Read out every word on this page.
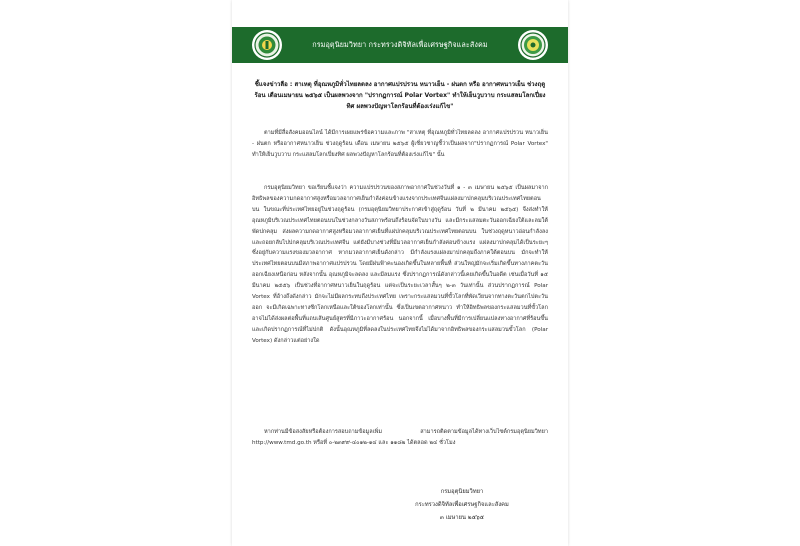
กรมอุตุนิยมวิทยา กระทรวงดิจิทัลเพื่อเศรษฐกิจและสังคม
ชี้แจงข่าวลือ : สาเหตุ ที่อุณหภูมิทั่วไทยลดลง อากาศแปรปรวน หนาวเย็น - ฝนตก หรือ อากาศหนาวเย็น ช่วงฤดูร้อน เดือนเมษายน ๒๕๖๕ เป็นผลพวงจาก "ปรากฏการณ์ Polar Vortex" ทำให้เย็นวูบวาบ กระแสลมโลกเปี่ยงทิศ ผลพวงปัญหาโลกร้อนที่ต้องเร่งแก้ไข"
ตามที่มีสื่อสังคมออนไลน์ ได้มีการเผยแพร่ข้อความและภาพ "สาเหตุ ที่อุณหภูมิทั่วไทยลดลง อากาศแปรปรวน หนาวเย็น - ฝนตก หรืออากาศหนาวเย็น ช่วงฤดูร้อน เดือน เมษายน ๒๕๖๕ ผู้เชี่ยวชาญชี้ว่าเป็นผลจาก"ปรากฏการณ์ Polar Vortex" ทำให้เย็นวูบวาบ กระแสลมโลกเปี่ยงทิศ ผลพวงปัญหาโลกร้อนที่ต้องเร่งแก้ไข" นั้น
กรมอุตุนิยมวิทยา ขอเรียนชี้แจงว่า ความแปรปรวนของสภาพอากาศในช่วงวันที่ ๑ - ๓ เมษายน ๒๕๖๕ เป็นผลมาจากอิทธิพลของความกดอากาศสูงหรือมวลอากาศเย็นกำลังค่อนข้างแรงจากประเทศจีนแผ่ลงมาปกคลุมบริเวณประเทศไทยตอนบน ในขณะที่ประเทศไทยอยู่ในช่วงฤดูร้อน (กรมอุตุนิยมวิทยาประกาศเข้าสู่ฤดูร้อน วันที่ ๒ มีนาคม ๒๕๖๕) จึงส่งทำให้ อุณหภูมิบริเวณประเทศไทยตอนบนในช่วงกลางวันสภาพร้อนถึงร้อนจัดในบางวัน และมีกระแสลมตะวันออกเฉียงใต้และลมใต้พัดปกคลุม ส่งผลความกดอากาศสูงหรือมวลอากาศเย็นที่แผ่ปกคลุมบริเวณประเทศไทยตอนบน ในช่วงฤดูหนาวอ่อนกำลังลง และถอยกลับไปปกคลุมบริเวณประเทศจีน แต่ยังมีบางช่วงที่มีมวลอากาศเย็นกำลังค่อนข้างแรง แผ่ลงมาปกคลุมได้เป็นระยะๆ ซึ่งอยู่กับความแรงของมวลอากาศ หากมวลอากาศเย็นดังกล่าว มีกำลังแรงแผ่ลงมาปกคลุมถึงภาคใต้ตอนบน มักจะทำให้ประเทศไทยตอนบนมีสภาพอากาศแปรปรวน โดยมีฝนฟ้าคะนองเกิดขึ้นในหลายพื้นที่ ส่วนใหญ่มักจะเริ่มเกิดขึ้นทางภาคตะวันออกเฉียงเหนือก่อน หลังจากนั้น อุณหภูมิจะลดลง และมีลมแรง ซึ่งปรากฏการณ์ดังกล่าวนี้เคยเกิดขึ้นในอดีต เช่นเมื่อวันที่ ๑๕ มีนาคม ๒๕๕๖ เป็นช่วงที่อากาศหนาวเย็นในฤดูร้อน แต่จะเป็นระยะเวลาสั้นๆ ๒-๓ วันเท่านั้น ส่วนปรากฏการณ์ Polar Vortex ที่อ้างถึงดังกล่าว มักจะไม่มีผลกระทบถึงประเทศไทย เพราะกระแสลมวนที่ขั้วโลกที่พัดเวียนจากทางตะวันตกไปตะวันออก จะมีเกิดเฉพาะทางซีกโลกเหนือและใต้ของโลกเท่านั้น ซึ่งเป็นเขตอากาศหนาว ทำให้อิทธิพลของกระแสลมวนที่ขั้วโลกอาจไม่ได้ส่งผลต่อพื้นที่แถบเส้นศูนย์สูตรที่มีภาวะอากาศร้อน นอกจากนี้ เมื่อบางพื้นที่มีการเปลี่ยนแปลงทางอากาศที่ร้อนขึ้นและเกิดปรากฏการณ์ที่ไม่ปกติ ดังนั้นอุณหภูมิที่ลดลงในประเทศไทยจึงไม่ได้มาจากอิทธิพลของกระแสลมวนขั้วโลก (Polar Vortex) ดังกล่าวแต่อย่างใด
หากท่านมีข้อสงสัยหรือต้องการสอบถามข้อมูลเพิ่ม สามารถติดตามข้อมูลได้ทางเว็บไซต์กรมอุตุนิยมวิทยา http://www.tmd.go.th หรือที่ ๐-๒๓๙๙-๔๐๑๒-๑๔ และ ๑๑๘๒ ได้ตลอด ๒๔ ชั่วโมง
กรมอุตุนิยมวิทยา
กระทรวงดิจิทัลเพื่อเศรษฐกิจและสังคม
๓ เมษายน ๒๕๖๕
